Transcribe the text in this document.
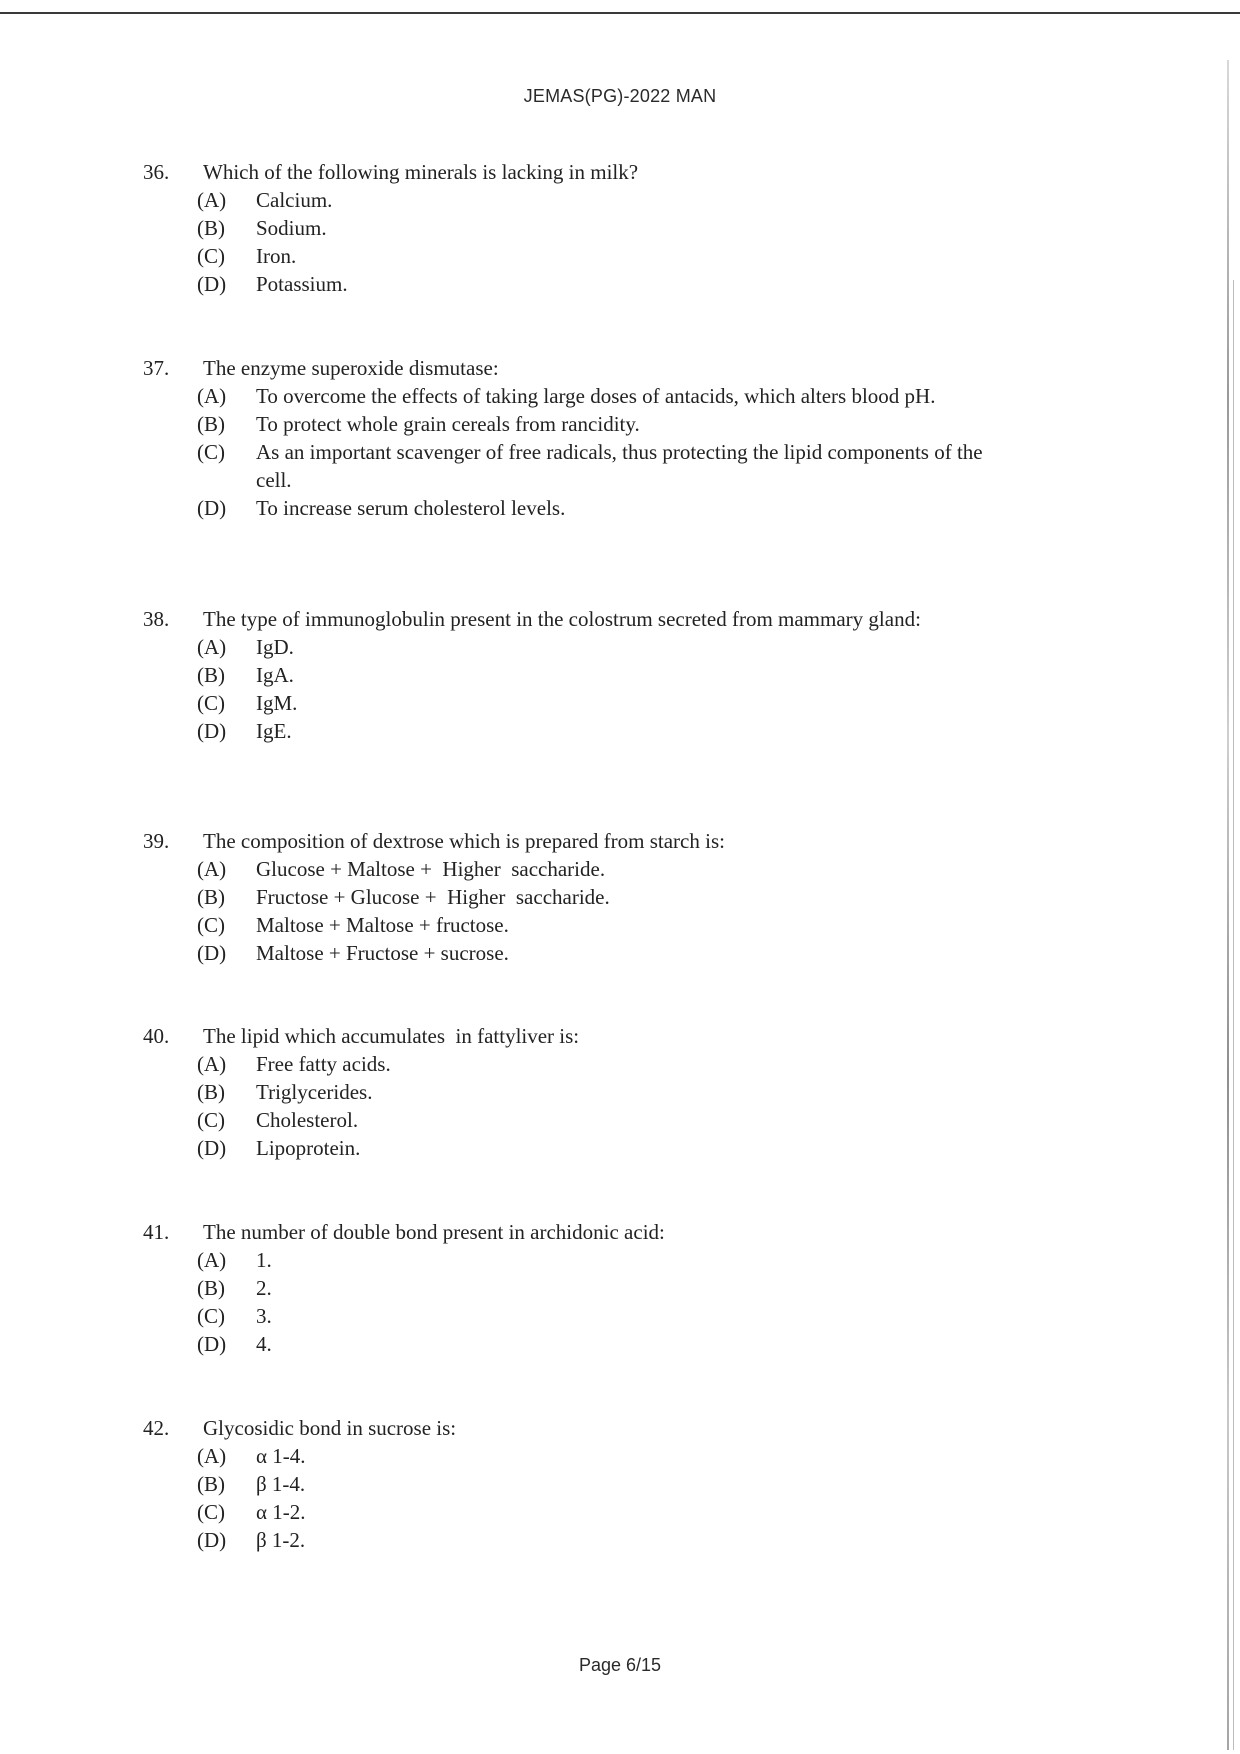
JEMAS(PG)-2022 MAN
36. Which of the following minerals is lacking in milk?
(A) Calcium.
(B) Sodium.
(C) Iron.
(D) Potassium.
37. The enzyme superoxide dismutase:
(A) To overcome the effects of taking large doses of antacids, which alters blood pH.
(B) To protect whole grain cereals from rancidity.
(C) As an important scavenger of free radicals, thus protecting the lipid components of the cell.
(D) To increase serum cholesterol levels.
38. The type of immunoglobulin present in the colostrum secreted from mammary gland:
(A) IgD.
(B) IgA.
(C) IgM.
(D) IgE.
39. The composition of dextrose which is prepared from starch is:
(A) Glucose + Maltose +  Higher  saccharide.
(B) Fructose + Glucose +  Higher  saccharide.
(C) Maltose + Maltose + fructose.
(D) Maltose + Fructose + sucrose.
40. The lipid which accumulates  in fattyliver is:
(A) Free fatty acids.
(B) Triglycerides.
(C) Cholesterol.
(D) Lipoprotein.
41. The number of double bond present in archidonic acid:
(A) 1.
(B) 2.
(C) 3.
(D) 4.
42. Glycosidic bond in sucrose is:
(A) α 1-4.
(B) β 1-4.
(C) α 1-2.
(D) β 1-2.
Page 6/15
